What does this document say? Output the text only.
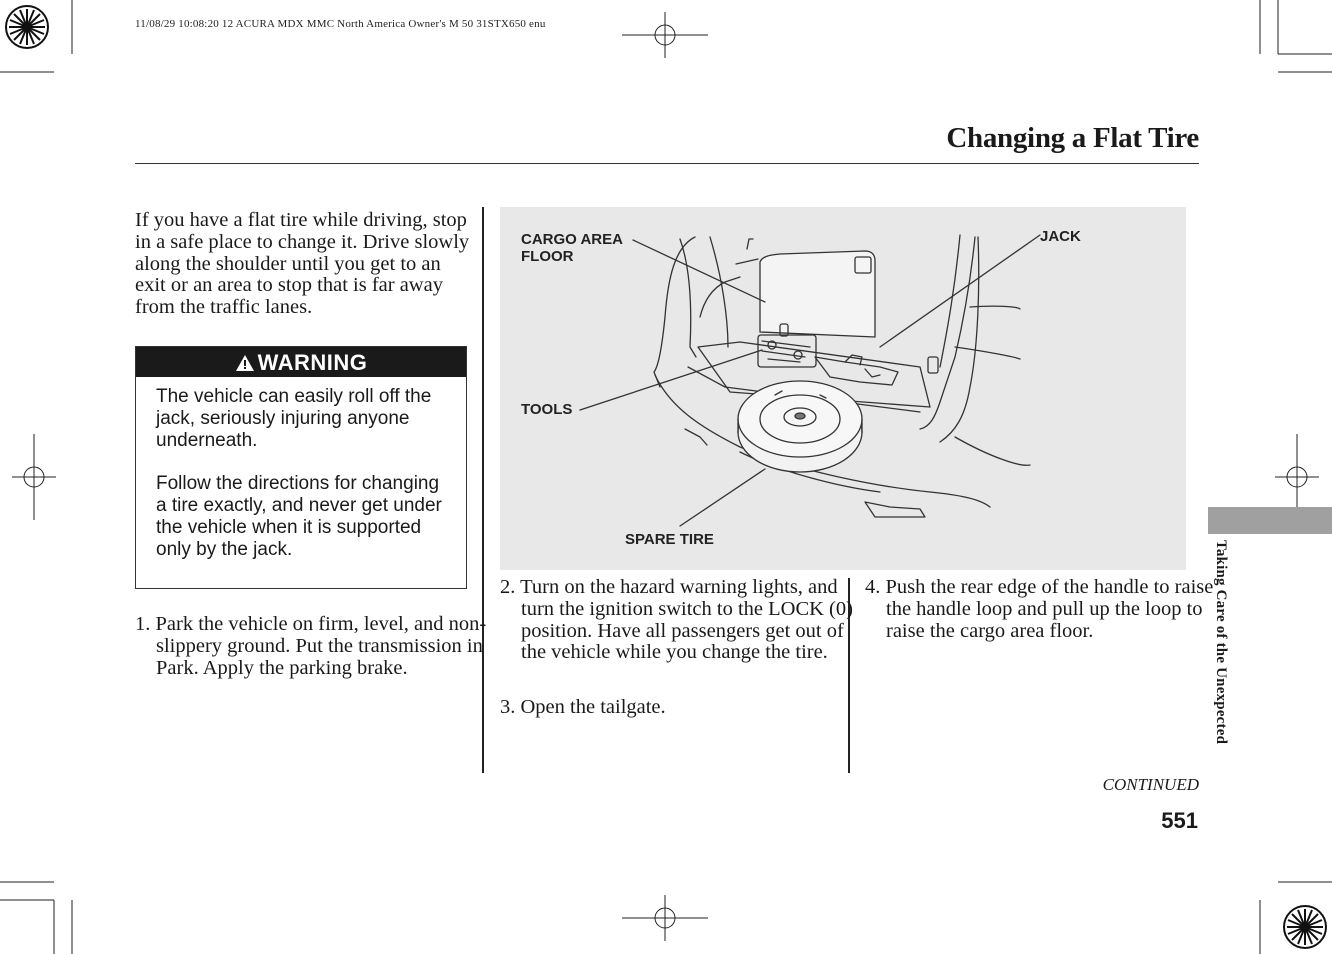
11/08/29 10:08:20 12 ACURA MDX MMC North America Owner's M 50 31STX650 enu
Changing a Flat Tire
If you have a flat tire while driving, stop in a safe place to change it. Drive slowly along the shoulder until you get to an exit or an area to stop that is far away from the traffic lanes.
WARNING

The vehicle can easily roll off the jack, seriously injuring anyone underneath.

Follow the directions for changing a tire exactly, and never get under the vehicle when it is supported only by the jack.

1. Park the vehicle on firm, level, and non-slippery ground. Put the transmission in Park. Apply the parking brake.
CARGO AREA
FLOOR
JACK
TOOLS
SPARE TIRE
2. Turn on the hazard warning lights, and turn the ignition switch to the LOCK (0) position. Have all passengers get out of the vehicle while you change the tire.
3. Open the tailgate.
4. Push the rear edge of the handle to raise the handle loop and pull up the loop to raise the cargo area floor.	Taking Care of the Unexpected
CONTINUED
551
